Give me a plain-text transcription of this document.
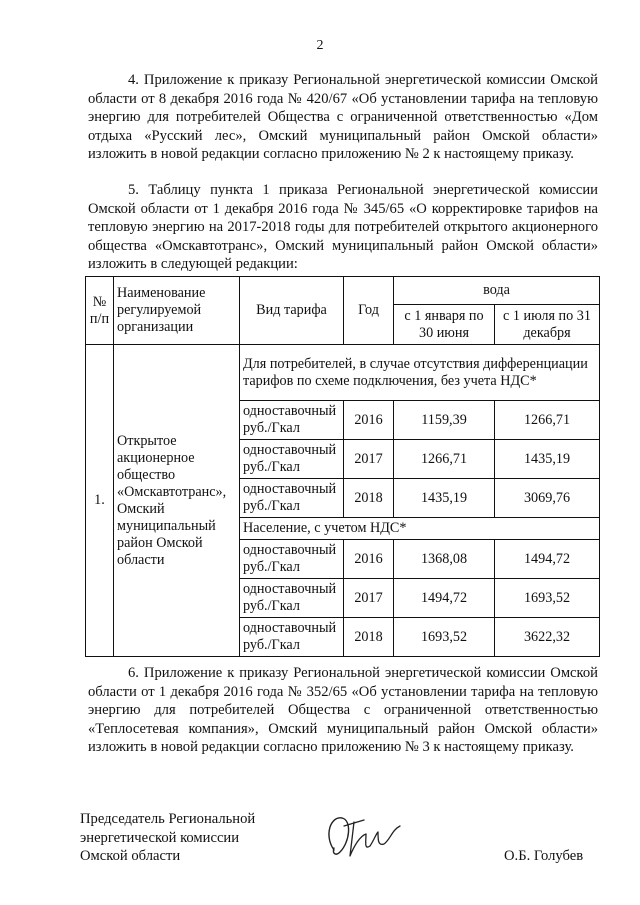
2
4. Приложение к приказу Региональной энергетической комиссии Омской области от 8 декабря 2016 года № 420/67 «Об установлении тарифа на тепловую энергию для потребителей Общества с ограниченной ответственностью «Дом отдыха «Русский лес», Омский муниципальный район Омской области» изложить в новой редакции согласно приложению № 2 к настоящему приказу.
5. Таблицу пункта 1 приказа Региональной энергетической комиссии Омской области от 1 декабря 2016 года № 345/65 «О корректировке тарифов на тепловую энергию на 2017-2018 годы для потребителей открытого акционерного общества «Омскавтотранс», Омский муниципальный район Омской области» изложить в следующей редакции:
№ п/п	Наименование регулируемой организации	Вид тарифа	Год	вода	
				с 1 января по 30 июня	с 1 июля по 31 декабря
1.	Открытое акционерное общество «Омскавтотранс», Омский муниципальный район Омской области	Для потребителей, в случае отсутствия дифференциации тарифов по схеме подключения, без учета НДС*			
		одноставочный руб./Гкал	2016	1159,39	1266,71
		одноставочный руб./Гкал	2017	1266,71	1435,19
		одноставочный руб./Гкал	2018	1435,19	3069,76
		Население, с учетом НДС*			
		одноставочный руб./Гкал	2016	1368,08	1494,72
		одноставочный руб./Гкал	2017	1494,72	1693,52
		одноставочный руб./Гкал	2018	1693,52	3622,32
6. Приложение к приказу Региональной энергетической комиссии Омской области от 1 декабря 2016 года № 352/65 «Об установлении тарифа на тепловую энергию для потребителей Общества с ограниченной ответственностью «Теплосетевая компания», Омский муниципальный район Омской области» изложить в новой редакции согласно приложению № 3 к настоящему приказу.
Председатель Региональной
энергетической комиссии
Омской области	О.Б. Голубев
